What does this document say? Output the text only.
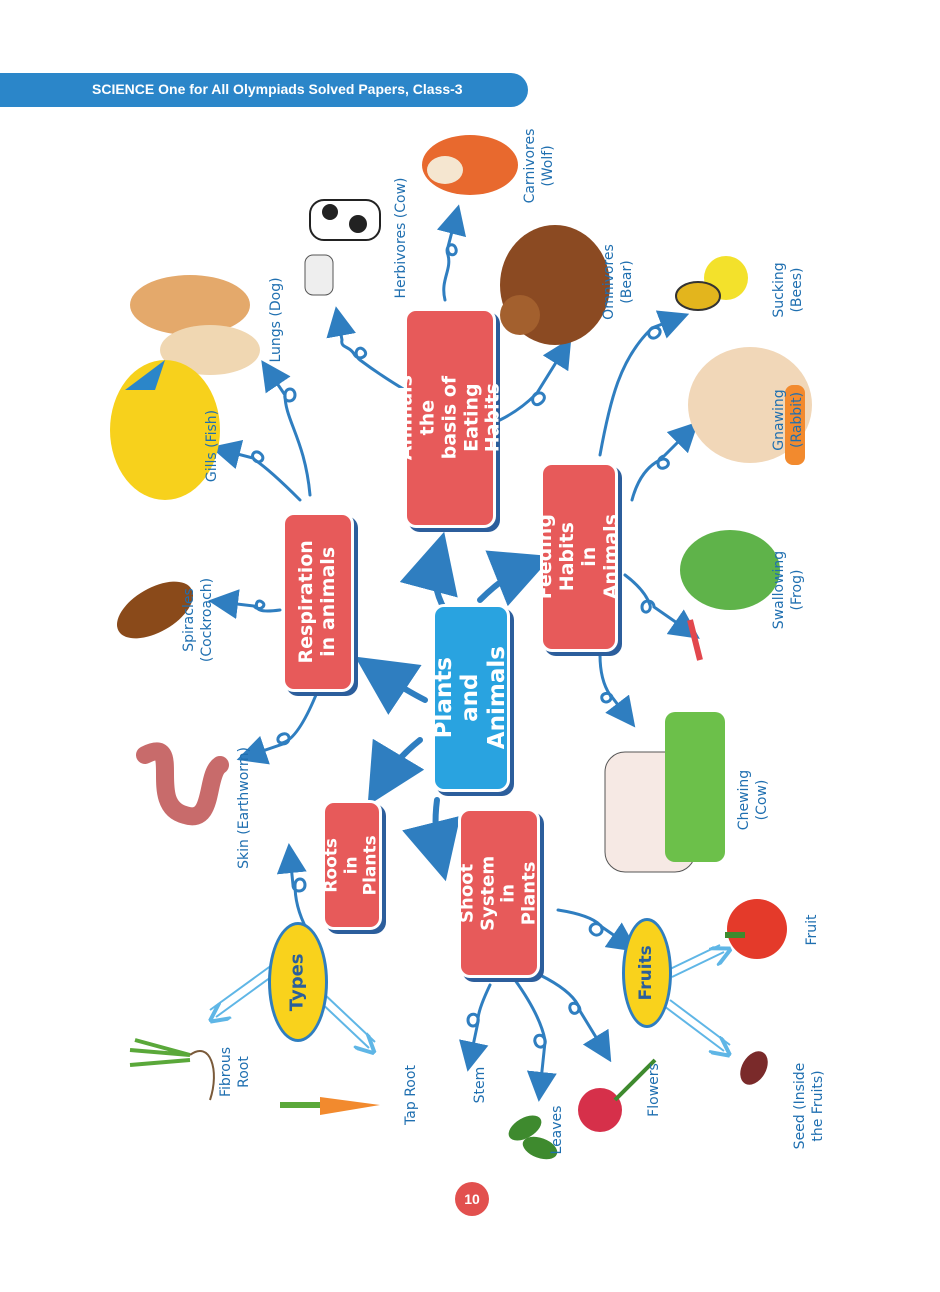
SCIENCE One for All Olympiads Solved Papers, Class-3
Animals the basis of Eating Habits
Respiration in animals	Feeding Habits in Animals
Plants and Animals
Roots in Plants	Shoot System in Plants
Types	Fruits
Herbivores (Cow)
Carnivores (Wolf)
Omnivores (Bear)	Sucking (Bees)
Gnawing (Rabbit)
Swallowing (Frog)
Chewing (Cow)
Lungs (Dog)
Gills (Fish)
Spiracles (Cockroach)
Skin (Earthworm)
Fibrous Root	Tap Root	Stem
Leaves
Flowers
Fruit
Seed (Inside the Fruits)
10
